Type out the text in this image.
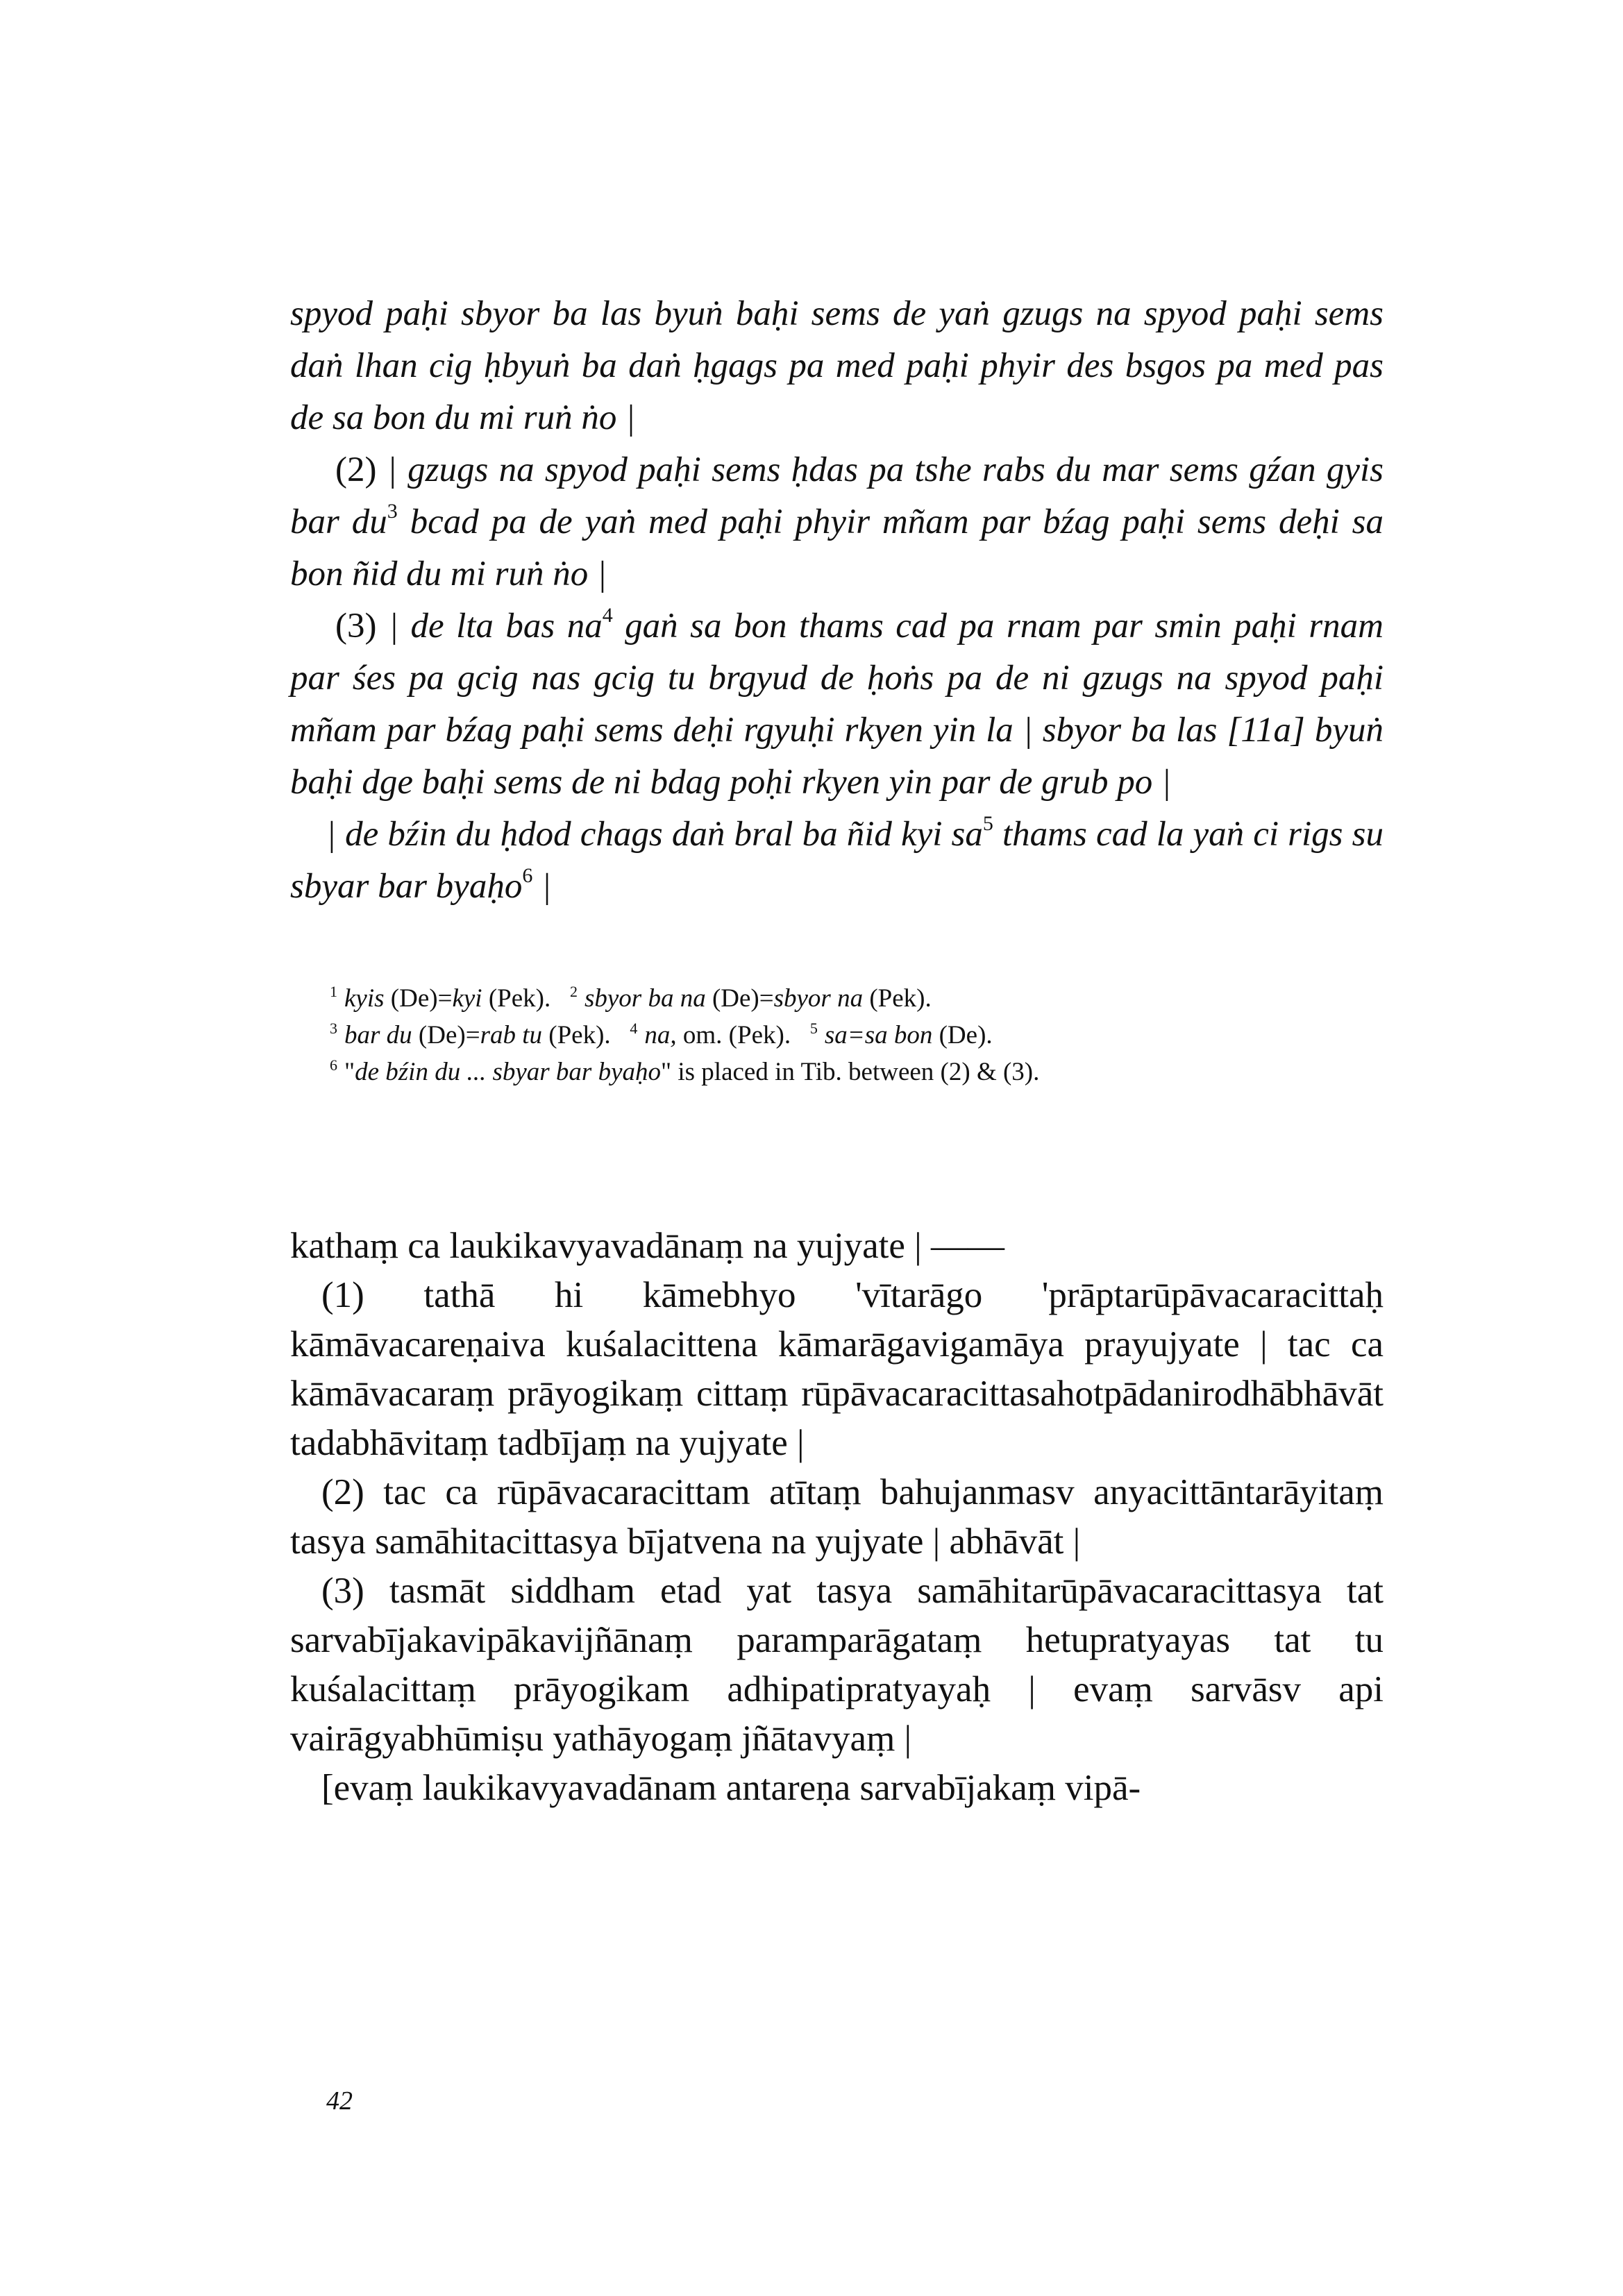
spyod paḥi sbyor ba las byuṅ baḥi sems de yaṅ gzugs na spyod paḥi sems daṅ lhan cig ḥbyuṅ ba daṅ ḥgags pa med paḥi phyir des bsgos pa med pas de sa bon du mi ruṅ ṅo |

(2) | gzugs na spyod paḥi sems ḥdas pa tshe rabs du mar sems gźan gyis bar $du^3$ bcad pa de yaṅ med paḥi phyir mñam par bźag paḥi sems deḥi sa bon ñid du mi ruṅ ṅo |

(3) | de lta bas $na^4$ gaṅ sa bon thams cad pa rnam par smin paḥi rnam par śes pa gcig nas gcig tu brgyud de ḥoṅs pa de ni gzugs na spyod paḥi mñam par bźag paḥi sems deḥi rgyuḥi rkyen yin la | sbyor ba las [11a] byuṅ baḥi dge baḥi sems de ni bdag poḥi rkyen yin par de grub po |

| de bźin du ḥdod chags daṅ bral ba ñid kyi $sa^5$ thams cad la yaṅ ci rigs su sbyar bar byaḥo$^6$ |

$^1$ kyis (De)=kyi (Pek).   $^2$ sbyor ba na (De)=sbyor na (Pek).

$^3$ bar du (De)=rab tu (Pek).   $^4$ na, om. (Pek).   $^5$ sa=sa bon (De).

$^6$ "de bźin du ... sbyar bar byaḥo" is placed in Tib. between (2) & (3).

kathaṃ ca laukikavyavadānaṃ na yujyate | ——

(1) tathā hi kāmebhyo 'vītarāgo 'prāptarūpāvacaracittaḥ kāmāvacareṇaiva kuśalacittena kāmarāgavigamāya prayujyate | tac ca kāmāvacaraṃ prāyogikaṃ cittaṃ rūpāvacaracittasahotpādanirodhābhāvāt tadabhāvitaṃ tadbījaṃ na yujyate |

(2) tac ca rūpāvacaracittam atītaṃ bahujanmasv anyacittāntarāyitaṃ tasya samāhitacittasya bījatvena na yujyate | abhāvāt |

(3) tasmāt siddham etad yat tasya samāhitarūpāvacaracittasya tat sarvabījakavipākavijñānaṃ paramparāgataṃ hetupratyayas tat tu kuśalacittaṃ prāyogikam adhipatipratyayaḥ | evaṃ sarvāsv api vairāgyabhūmiṣu yathāyogaṃ jñātavyaṃ |

[evaṃ laukikavyavadānam antareṇa sarvabījakaṃ vipā-

42
